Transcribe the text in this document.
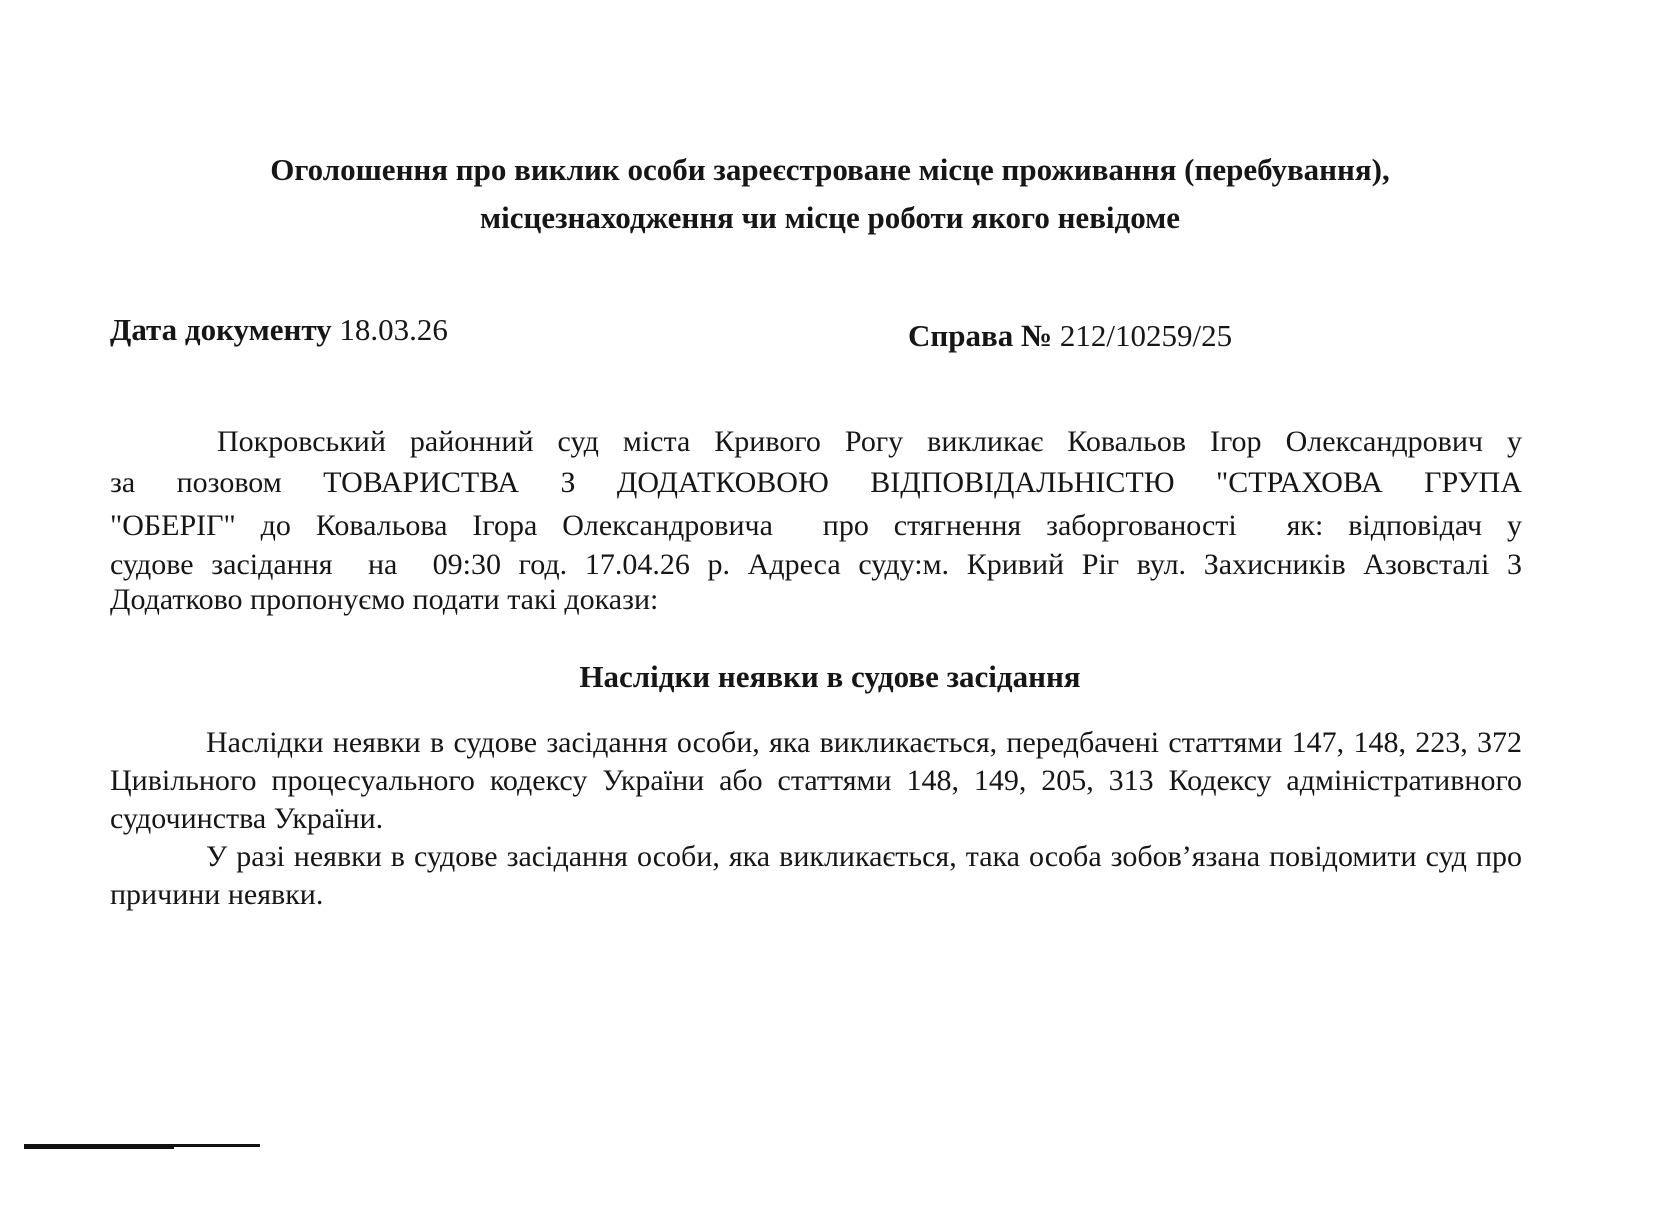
Оголошення про виклик особи зареєстроване місце проживання (перебування),
місцезнаходження чи місце роботи якого невідоме
Дата документу 18.03.26	Справа № 212/10259/25
Покровський районний суд міста Кривого Рогу викликає Ковальов Ігор Олександрович у
за позовом ТОВАРИСТВА З ДОДАТКОВОЮ ВІДПОВІДАЛЬНІСТЮ "СТРАХОВА ГРУПА
"ОБЕРІГ" до Ковальова Ігора Олександровича  про стягнення заборгованості  як: відповідач у
судове засідання  на  09:30 год. 17.04.26 р. Адреса суду:м. Кривий Ріг вул. Захисників Азовсталі 3
Додатково пропонуємо подати такі докази:
Наслідки неявки в судове засідання
Наслідки неявки в судове засідання особи, яка викликається, передбачені статтями 147, 148, 223, 372 Цивільного процесуального кодексу України або статтями 148, 149, 205, 313 Кодексу адміністративного судочинства України.
У разі неявки в судове засідання особи, яка викликається, така особа зобов’язана повідомити суд про причини неявки.
